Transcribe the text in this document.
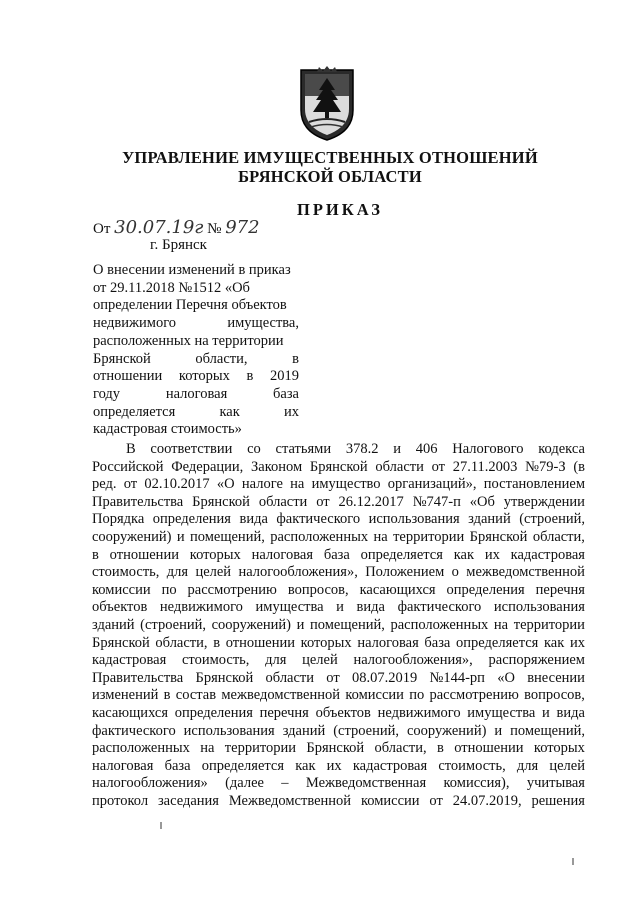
УПРАВЛЕНИЕ ИМУЩЕСТВЕННЫХ ОТНОШЕНИЙ
БРЯНСКОЙ ОБЛАСТИ
ПРИКАЗ
От 30.07.19г № 972
г. Брянск
О внесении изменений в приказ
от 29.11.2018 №1512 «Об
определении Перечня объектов
недвижимого	имущества,
расположенных на территории
Брянской	области,	в
отношении которых в 2019
году	налоговая	база
определяется	как	их
кадастровая стоимость»
В соответствии со статьями 378.2 и 406 Налогового кодекса
Российской Федерации, Законом Брянской области от 27.11.2003 №79-З (в
ред. от 02.10.2017 «О налоге на имущество организаций», постановлением
Правительства Брянской области от 26.12.2017 №747-п «Об утверждении
Порядка определения вида фактического использования зданий (строений,
сооружений) и помещений, расположенных на территории Брянской области,
в отношении которых налоговая база определяется как их кадастровая
стоимость, для целей налогообложения», Положением о межведомственной
комиссии по рассмотрению вопросов, касающихся определения перечня
объектов недвижимого имущества и вида фактического использования
зданий (строений, сооружений) и помещений, расположенных на территории
Брянской области, в отношении которых налоговая база определяется как их
кадастровая стоимость, для целей налогообложения», распоряжением
Правительства Брянской области от 08.07.2019 №144-рп «О внесении
изменений в состав межведомственной комиссии по рассмотрению вопросов,
касающихся определения перечня объектов недвижимого имущества и вида
фактического использования зданий (строений, сооружений) и помещений,
расположенных на территории Брянской области, в отношении которых
налоговая база определяется как их кадастровая стоимость, для целей
налогообложения» (далее – Межведомственная комиссия), учитывая
протокол заседания Межведомственной комиссии от 24.07.2019, решения
